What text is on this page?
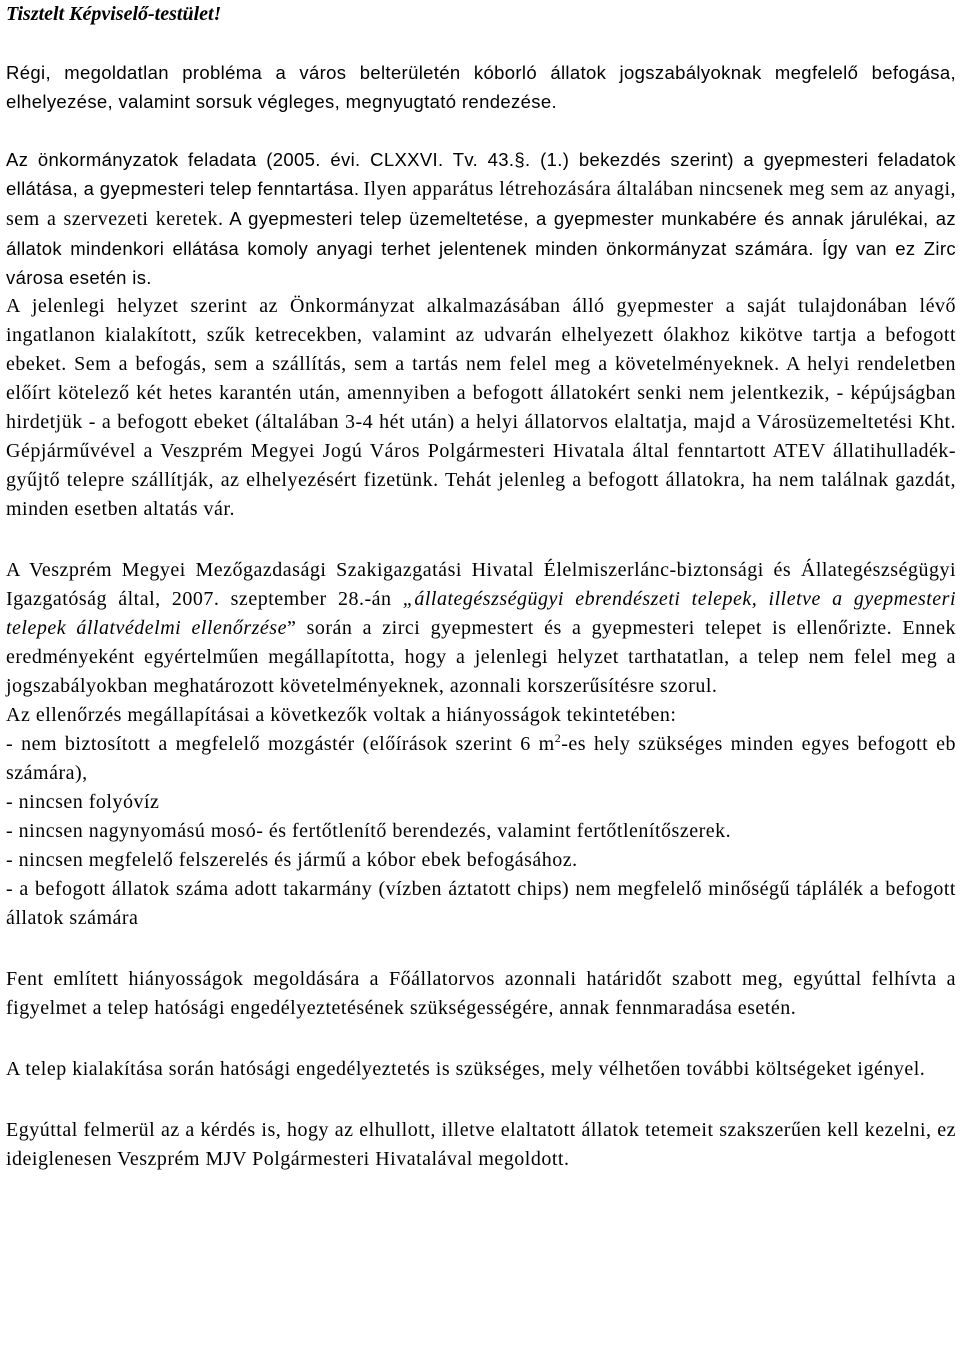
Tisztelt Képviselő-testület!

Régi, megoldatlan probléma a város belterületén kóborló állatok jogszabályoknak megfelelő befogása, elhelyezése, valamint sorsuk végleges, megnyugtató rendezése.

Az önkormányzatok feladata (2005. évi. CLXXVI. Tv. 43.§. (1.) bekezdés szerint) a gyepmesteri feladatok ellátása, a gyepmesteri telep fenntartása. Ilyen apparátus létrehozására általában nincsenek meg sem az anyagi, sem a szervezeti keretek. A gyepmesteri telep üzemeltetése, a gyepmester munkabére és annak járulékai, az állatok mindenkori ellátása komoly anyagi terhet jelentenek minden önkormányzat számára. Így van ez Zirc városa esetén is.

A jelenlegi helyzet szerint az Önkormányzat alkalmazásában álló gyepmester a saját tulajdonában lévő ingatlanon kialakított, szűk ketrecekben, valamint az udvarán elhelyezett ólakhoz kikötve tartja a befogott ebeket. Sem a befogás, sem a szállítás, sem a tartás nem felel meg a követelményeknek. A helyi rendeletben előírt kötelező két hetes karantén után, amennyiben a befogott állatokért senki nem jelentkezik, - képújságban hirdetjük - a befogott ebeket (általában 3-4 hét után) a helyi állatorvos elaltatja, majd a Városüzemeltetési Kht. Gépjárművével a Veszprém Megyei Jogú Város Polgármesteri Hivatala által fenntartott ATEV állatihulladék-gyűjtő telepre szállítják, az elhelyezésért fizetünk. Tehát jelenleg a befogott állatokra, ha nem találnak gazdát, minden esetben altatás vár.

A Veszprém Megyei Mezőgazdasági Szakigazgatási Hivatal Élelmiszerlánc-biztonsági és Állategészségügyi Igazgatóság által, 2007. szeptember 28.-án „állategészségügyi ebrendészeti telepek, illetve a gyepmesteri telepek állatvédelmi ellenőrzése” során a zirci gyepmestert és a gyepmesteri telepet is ellenőrizte. Ennek eredményeként egyértelműen megállapította, hogy a jelenlegi helyzet tarthatatlan, a telep nem felel meg a jogszabályokban meghatározott követelményeknek, azonnali korszerűsítésre szorul.

Az ellenőrzés megállapításai a következők voltak a hiányosságok tekintetében:

- nem biztosított a megfelelő mozgástér (előírások szerint 6 $m^2-es$ hely szükséges minden egyes befogott eb számára),

- nincsen folyóvíz

- nincsen nagynyomású mosó- és fertőtlenítő berendezés, valamint fertőtlenítőszerek.

- nincsen megfelelő felszerelés és jármű a kóbor ebek befogásához.

- a befogott állatok száma adott takarmány (vízben áztatott chips) nem megfelelő minőségű táplálék a befogott állatok számára

Fent említett hiányosságok megoldására a Főállatorvos azonnali határidőt szabott meg, egyúttal felhívta a figyelmet a telep hatósági engedélyeztetésének szükségességére, annak fennmaradása esetén.

A telep kialakítása során hatósági engedélyeztetés is szükséges, mely vélhetően további költségeket igényel.

Egyúttal felmerül az a kérdés is, hogy az elhullott, illetve elaltatott állatok tetemeit szakszerűen kell kezelni, ez ideiglenesen Veszprém MJV Polgármesteri Hivatalával megoldott.
